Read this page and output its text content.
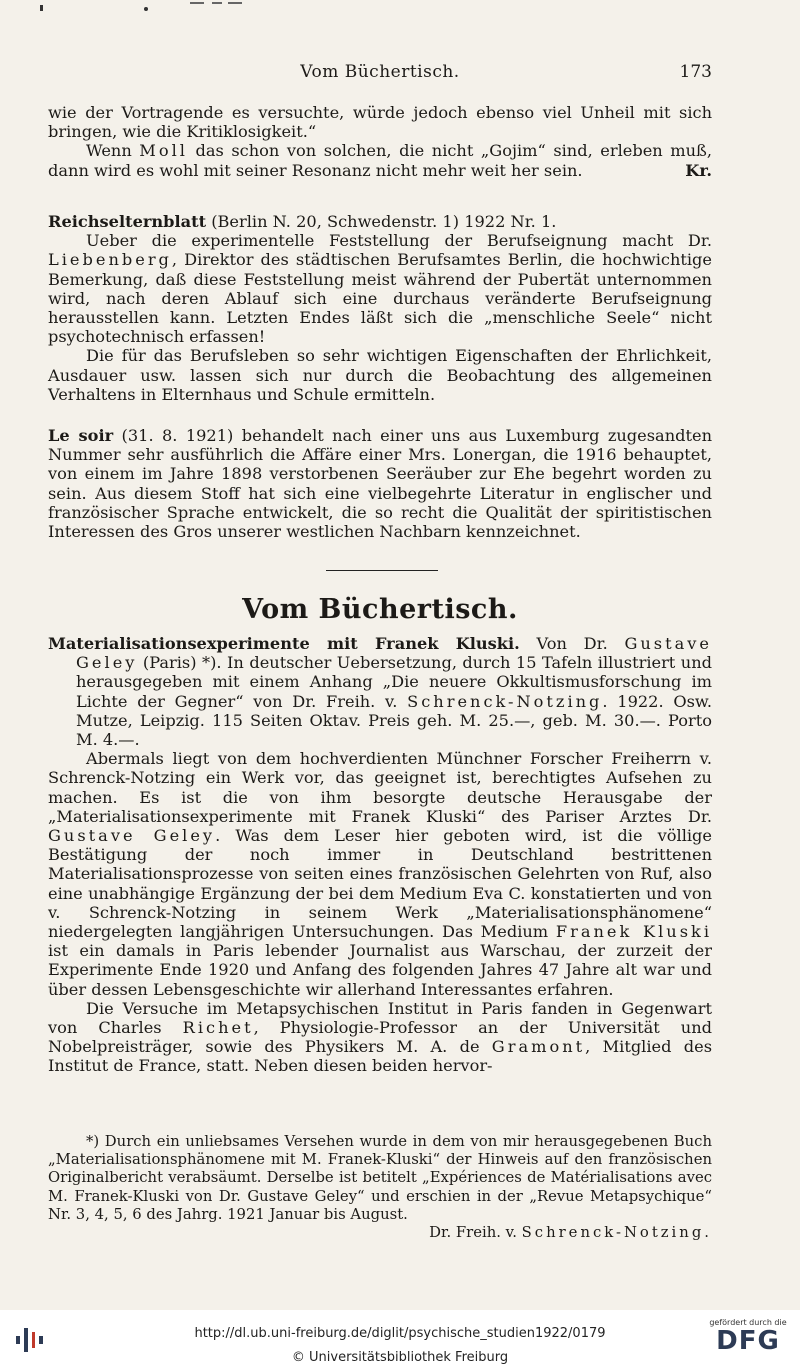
Vom Büchertisch.	173

wie der Vortragende es versuchte, würde jedoch ebenso viel Unheil mit sich bringen, wie die Kritiklosigkeit.“

Wenn Moll das schon von solchen, die nicht „Gojim“ sind, erleben muß, dann wird es wohl mit seiner Resonanz nicht mehr weit her sein.	Kr.

Reichselternblatt (Berlin N. 20, Schwedenstr. 1) 1922 Nr. 1.

Ueber die experimentelle Feststellung der Berufseignung macht Dr. Liebenberg, Direktor des städtischen Berufsamtes Berlin, die hochwichtige Bemerkung, daß diese Feststellung meist während der Pubertät unternommen wird, nach deren Ablauf sich eine durchaus veränderte Berufseignung herausstellen kann. Letzten Endes läßt sich die „menschliche Seele“ nicht psychotechnisch erfassen!

Die für das Berufsleben so sehr wichtigen Eigenschaften der Ehrlichkeit, Ausdauer usw. lassen sich nur durch die Beobachtung des allgemeinen Verhaltens in Elternhaus und Schule ermitteln.

Le soir (31. 8. 1921) behandelt nach einer uns aus Luxemburg zugesandten Nummer sehr ausführlich die Affäre einer Mrs. Lonergan, die 1916 behauptet, von einem im Jahre 1898 verstorbenen Seeräuber zur Ehe begehrt worden zu sein. Aus diesem Stoff hat sich eine vielbegehrte Literatur in englischer und französischer Sprache entwickelt, die so recht die Qualität der spiritistischen Interessen des Gros unserer westlichen Nachbarn kennzeichnet.

Vom Büchertisch.

Materialisationsexperimente mit Franek Kluski. Von Dr. Gustave Geley (Paris) *). In deutscher Uebersetzung, durch 15 Tafeln illustriert und herausgegeben mit einem Anhang „Die neuere Okkultismusforschung im Lichte der Gegner“ von Dr. Freih. v. Schrenck-Notzing. 1922. Osw. Mutze, Leipzig. 115 Seiten Oktav. Preis geh. M. 25.—, geb. M. 30.—. Porto M. 4.—.

Abermals liegt von dem hochverdienten Münchner Forscher Freiherrn v. Schrenck-Notzing ein Werk vor, das geeignet ist, berechtigtes Aufsehen zu machen. Es ist die von ihm besorgte deutsche Herausgabe der „Materialisationsexperimente mit Franek Kluski“ des Pariser Arztes Dr. Gustave Geley. Was dem Leser hier geboten wird, ist die völlige Bestätigung der noch immer in Deutschland bestrittenen Materialisationsprozesse von seiten eines französischen Gelehrten von Ruf, also eine unabhängige Ergänzung der bei dem Medium Eva C. konstatierten und von v. Schrenck-Notzing in seinem Werk „Materialisationsphänomene“ niedergelegten langjährigen Untersuchungen. Das Medium Franek Kluski ist ein damals in Paris lebender Journalist aus Warschau, der zurzeit der Experimente Ende 1920 und Anfang des folgenden Jahres 47 Jahre alt war und über dessen Lebensgeschichte wir allerhand Interessantes erfahren.

Die Versuche im Metapsychischen Institut in Paris fanden in Gegenwart von Charles Richet, Physiologie-Professor an der Universität und Nobelpreisträger, sowie des Physikers M. A. de Gramont, Mitglied des Institut de France, statt. Neben diesen beiden hervor-

*) Durch ein unliebsames Versehen wurde in dem von mir herausgegebenen Buch „Materialisationsphänomene mit M. Franek-Kluski“ der Hinweis auf den französischen Originalbericht verabsäumt. Derselbe ist betitelt „Expériences de Matérialisations avec M. Franek-Kluski von Dr. Gustave Geley“ und erschien in der „Revue Metapsychique“ Nr. 3, 4, 5, 6 des Jahrg. 1921 Januar bis August.
Dr. Freih. v. Schrenck-Notzing.

http://dl.ub.uni-freiburg.de/diglit/psychische_studien1922/0179
© Universitätsbibliothek Freiburg
gefördert durch die
DFG
